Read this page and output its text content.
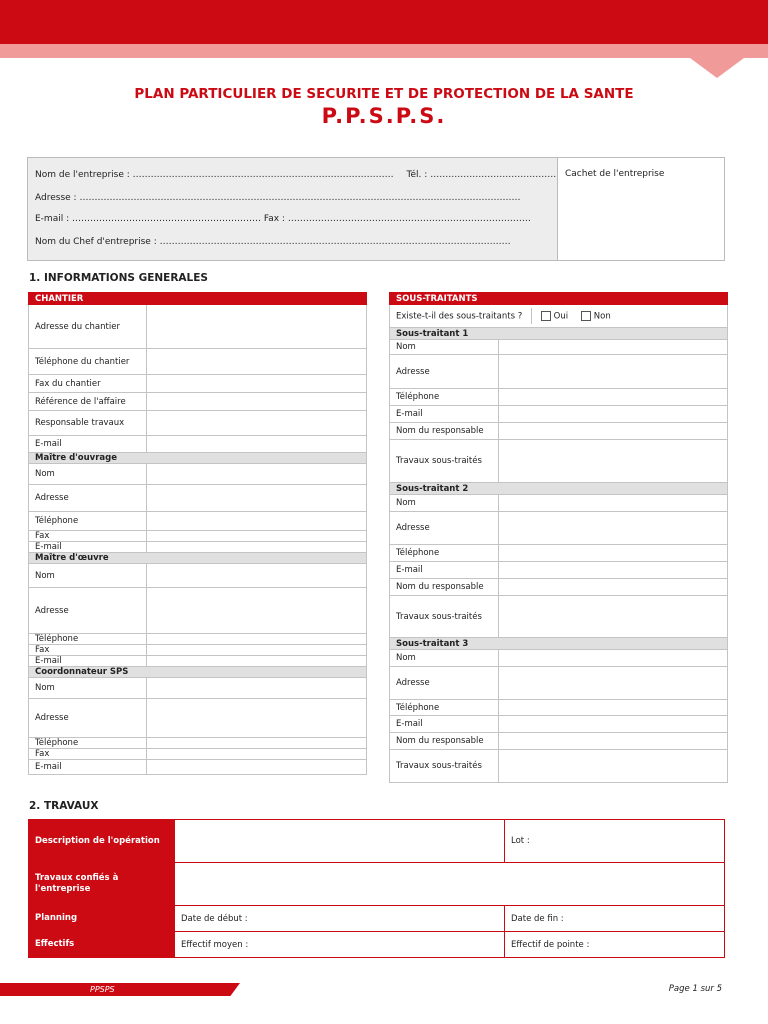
PLAN PARTICULIER DE SECURITE ET DE PROTECTION DE LA SANTE
P.P.S.P.S.
Nom de l'entreprise : …………………………………………………………………………… Tél. : ……………………………………
Adresse : …………………………………………………………………………………………………………………………………
E-mail : ……………………………………………………… Fax : ………………………………………………………………………
Nom du Chef d'entreprise : ………………………………………………………………………………………………………
Cachet de l'entreprise
1. INFORMATIONS GENERALES
CHANTIER	
Adresse du chantier	
Téléphone du chantier	
Fax du chantier	
Référence de l'affaire	
Responsable travaux	
E-mail	
Maître d'ouvrage	
Nom	
Adresse	
Téléphone	
Fax	
E-mail	
Maître d'œuvre	
Nom	
Adresse	
Téléphone	
Fax	
E-mail	
Coordonnateur SPS	
Nom	
Adresse	
Téléphone	
Fax	
E-mail	
SOUS-TRAITANTS	
Existe-t-il des sous-traitants ? Oui Non	
Sous-traitant 1	
Nom	
Adresse	
Téléphone	
E-mail	
Nom du responsable	
Travaux sous-traités	
Sous-traitant 2	
Nom	
Adresse	
Téléphone	
E-mail	
Nom du responsable	
Travaux sous-traités	
Sous-traitant 3	
Nom	
Adresse	
Téléphone	
E-mail	
Nom du responsable	
Travaux sous-traités	
2. TRAVAUX
Description de l'opération		Lot :
Travaux confiés à l'entreprise		
Planning	Date de début :	Date de fin :
Effectifs	Effectif moyen :	Effectif de pointe :
PPSPS	Page 1 sur 5
